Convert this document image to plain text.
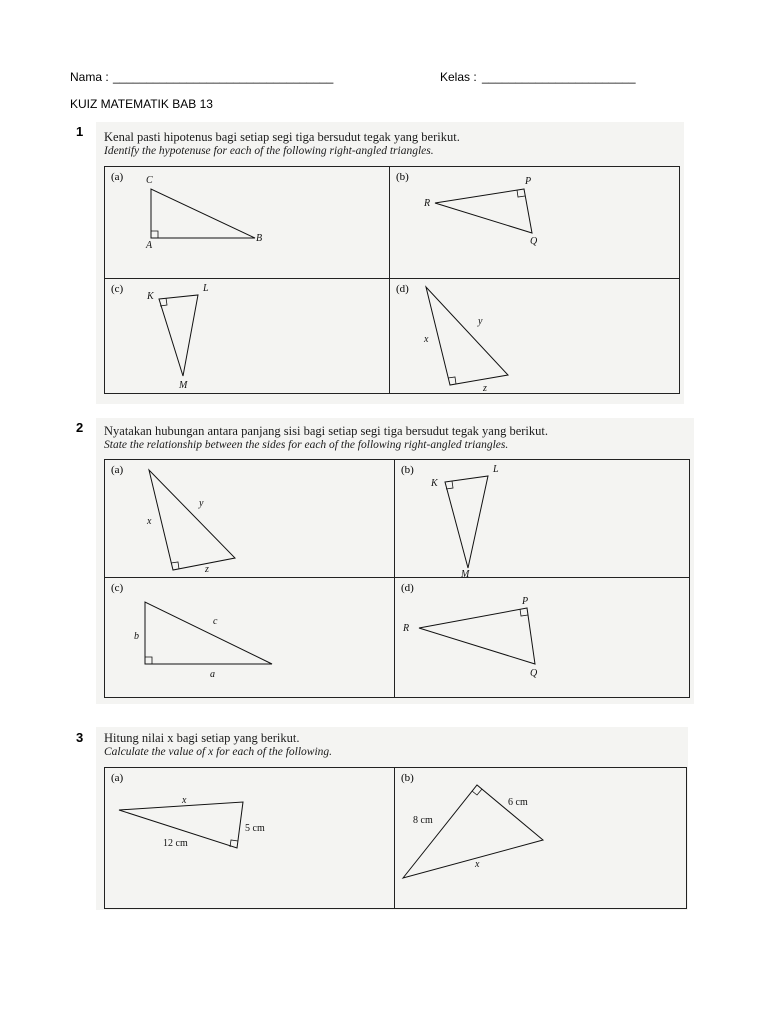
Nama : _________________________________	Kelas : _______________________
KUIZ MATEMATIK BAB 13
1 Kenal pasti hipotenus bagi setiap segi tiga bersudut tegak yang berikut.
Identify the hypotenuse for each of the following right-angled triangles.
(a) C
A
B
(b)	P
R
Q
(c)
K
L
M
(d)
x
y
z
2 Nyatakan hubungan antara panjang sisi bagi setiap segi tiga bersudut tegak yang berikut.
State the relationship between the sides for each of the following right-angled triangles.
(a)
x
y
z
(b)
K
L
M
(c)
b
c
a
(d)
P
R
Q
3 Hitung nilai x bagi setiap yang berikut.
Calculate the value of x for each of the following.
(a)
x
5 cm
12 cm
(b)
6 cm
8 cm
x
